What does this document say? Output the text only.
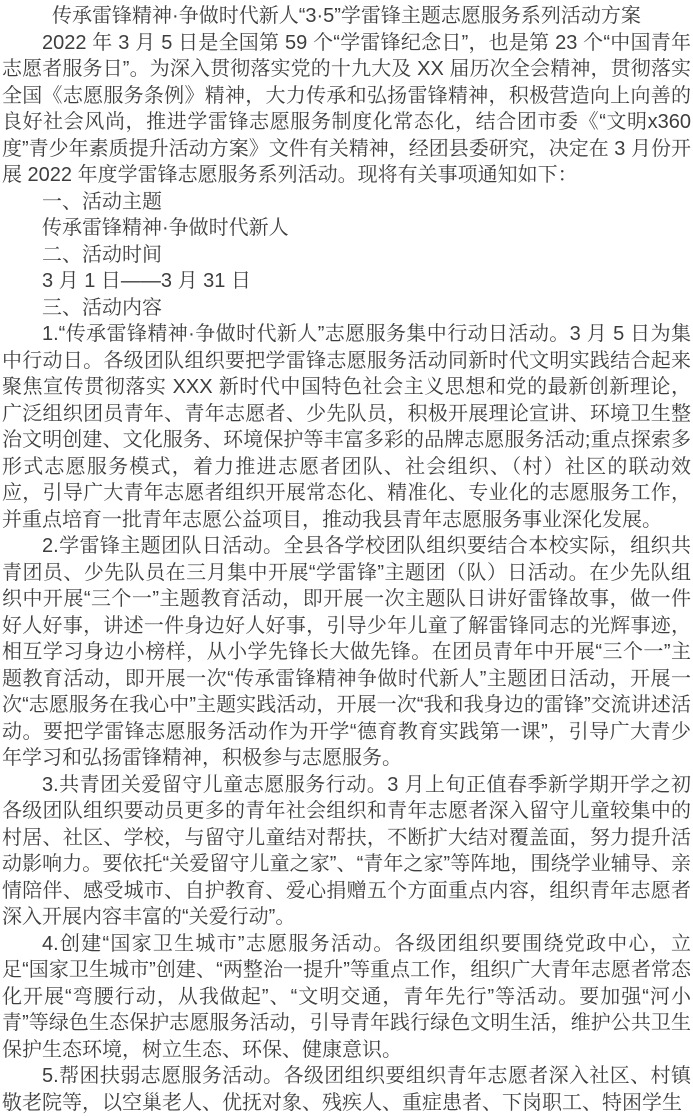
传承雷锋精神·争做时代新人“3·5”学雷锋主题志愿服务系列活动方案

2022 年 3 月 5 日是全国第 59 个“学雷锋纪念日”，也是第 23 个“中国青年志愿者服务日”。为深入贯彻落实党的十九大及 XX 届历次全会精神，贯彻落实全国《志愿服务条例》精神，大力传承和弘扬雷锋精神，积极营造向上向善的良好社会风尚，推进学雷锋志愿服务制度化常态化，结合团市委《“文明x360 度”青少年素质提升活动方案》文件有关精神，经团县委研究，决定在 3 月份开展 2022 年度学雷锋志愿服务系列活动。现将有关事项通知如下：

一、活动主题

传承雷锋精神·争做时代新人

二、活动时间

3 月 1 日——3 月 31 日

三、活动内容

1.“传承雷锋精神·争做时代新人”志愿服务集中行动日活动。3 月 5 日为集中行动日。各级团队组织要把学雷锋志愿服务活动同新时代文明实践结合起来聚焦宣传贯彻落实 XXX 新时代中国特色社会主义思想和党的最新创新理论，广泛组织团员青年、青年志愿者、少先队员，积极开展理论宣讲、环境卫生整治文明创建、文化服务、环境保护等丰富多彩的品牌志愿服务活动;重点探索多形式志愿服务模式，着力推进志愿者团队、社会组织、（村）社区的联动效应，引导广大青年志愿者组织开展常态化、精准化、专业化的志愿服务工作，并重点培育一批青年志愿公益项目，推动我县青年志愿服务事业深化发展。

2.学雷锋主题团队日活动。全县各学校团队组织要结合本校实际，组织共青团员、少先队员在三月集中开展“学雷锋”主题团（队）日活动。在少先队组织中开展“三个一”主题教育活动，即开展一次主题队日讲好雷锋故事，做一件好人好事，讲述一件身边好人好事，引导少年儿童了解雷锋同志的光辉事迹，相互学习身边小榜样，从小学先锋长大做先锋。在团员青年中开展“三个一”主题教育活动，即开展一次“传承雷锋精神争做时代新人”主题团日活动，开展一次“志愿服务在我心中”主题实践活动，开展一次“我和我身边的雷锋”交流讲述活动。要把学雷锋志愿服务活动作为开学“德育教育实践第一课”，引导广大青少年学习和弘扬雷锋精神，积极参与志愿服务。

3.共青团关爱留守儿童志愿服务行动。3 月上旬正值春季新学期开学之初各级团队组织要动员更多的青年社会组织和青年志愿者深入留守儿童较集中的村居、社区、学校，与留守儿童结对帮扶，不断扩大结对覆盖面，努力提升活动影响力。要依托“关爱留守儿童之家”、“青年之家”等阵地，围绕学业辅导、亲情陪伴、感受城市、自护教育、爱心捐赠五个方面重点内容，组织青年志愿者深入开展内容丰富的“关爱行动”。

4.创建“国家卫生城市”志愿服务活动。各级团组织要围绕党政中心，立足“国家卫生城市”创建、“两整治一提升”等重点工作，组织广大青年志愿者常态化开展“弯腰行动，从我做起”、“文明交通，青年先行”等活动。要加强“河小青”等绿色生态保护志愿服务活动，引导青年践行绿色文明生活，维护公共卫生保护生态环境，树立生态、环保、健康意识。

5.帮困扶弱志愿服务活动。各级团组织要组织青年志愿者深入社区、村镇敬老院等，以空巢老人、优抚对象、残疾人、重症患者、下岗职工、特困学生
